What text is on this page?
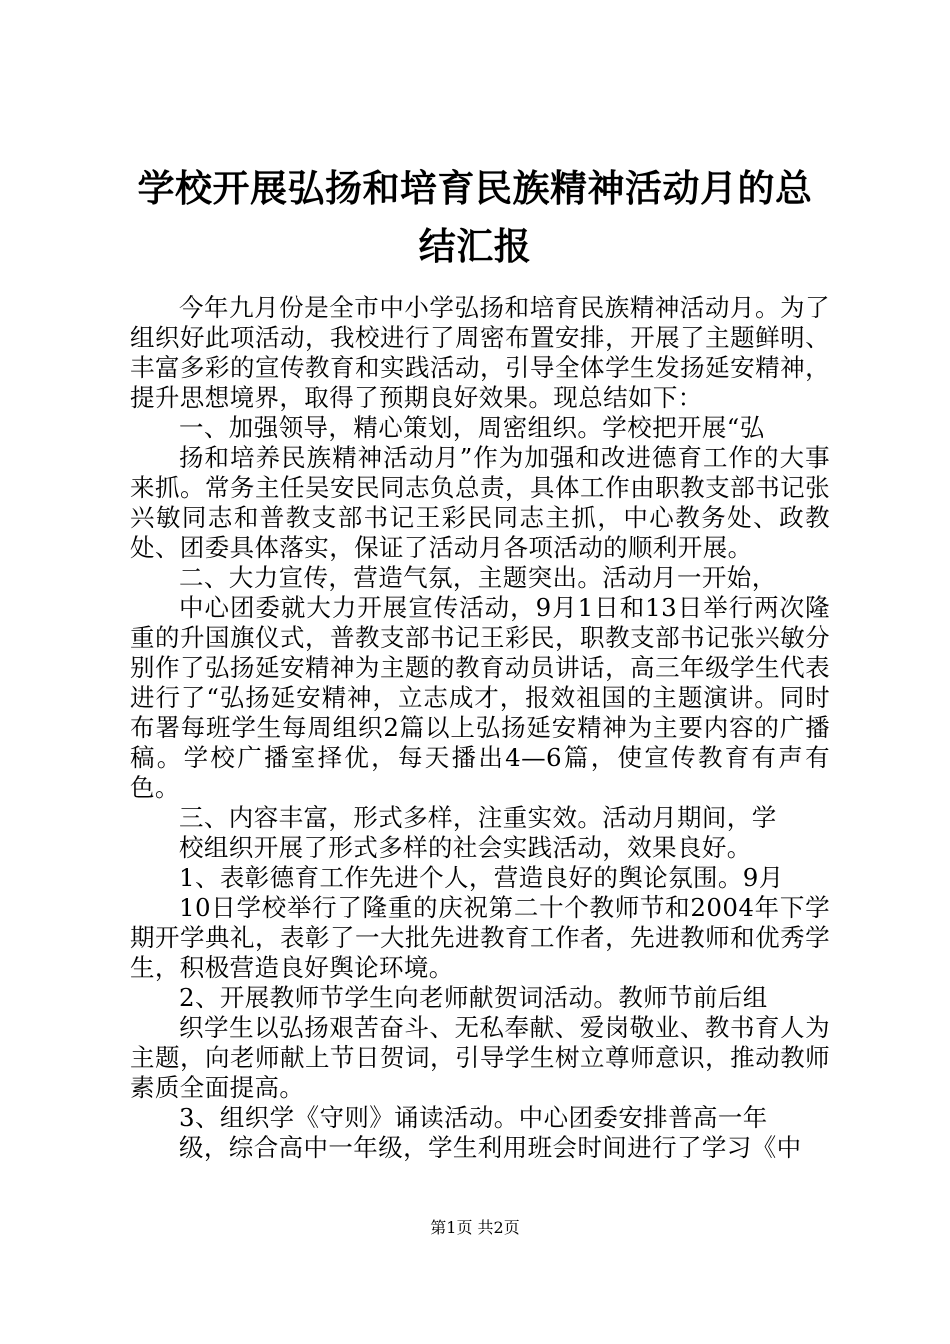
学校开展弘扬和培育民族精神活动月的总结汇报

今年九月份是全市中小学弘扬和培育民族精神活动月。为了组织好此项活动，我校进行了周密布置安排，开展了主题鲜明、丰富多彩的宣传教育和实践活动，引导全体学生发扬延安精神，提升思想境界，取得了预期良好效果。现总结如下：

一、加强领导，精心策划，周密组织。学校把开展“弘

扬和培养民族精神活动月”作为加强和改进德育工作的大事来抓。常务主任吴安民同志负总责，具体工作由职教支部书记张兴敏同志和普教支部书记王彩民同志主抓，中心教务处、政教处、团委具体落实，保证了活动月各项活动的顺利开展。

二、大力宣传，营造气氛，主题突出。活动月一开始，

中心团委就大力开展宣传活动，9月1日和13日举行两次隆重的升国旗仪式，普教支部书记王彩民，职教支部书记张兴敏分别作了弘扬延安精神为主题的教育动员讲话，高三年级学生代表进行了“弘扬延安精神，立志成才，报效祖国的主题演讲。同时布署每班学生每周组织2篇以上弘扬延安精神为主要内容的广播稿。学校广播室择优，每天播出4—6篇，使宣传教育有声有色。

三、内容丰富，形式多样，注重实效。活动月期间，学

校组织开展了形式多样的社会实践活动，效果良好。

1、表彰德育工作先进个人，营造良好的舆论氛围。9月

10日学校举行了隆重的庆祝第二十个教师节和2004年下学期开学典礼，表彰了一大批先进教育工作者，先进教师和优秀学生，积极营造良好舆论环境。

2、开展教师节学生向老师献贺词活动。教师节前后组

织学生以弘扬艰苦奋斗、无私奉献、爱岗敬业、教书育人为主题，向老师献上节日贺词，引导学生树立尊师意识，推动教师素质全面提高。

3、组织学《守则》诵读活动。中心团委安排普高一年

级，综合高中一年级，学生利用班会时间进行了学习《中

第1页 共2页
